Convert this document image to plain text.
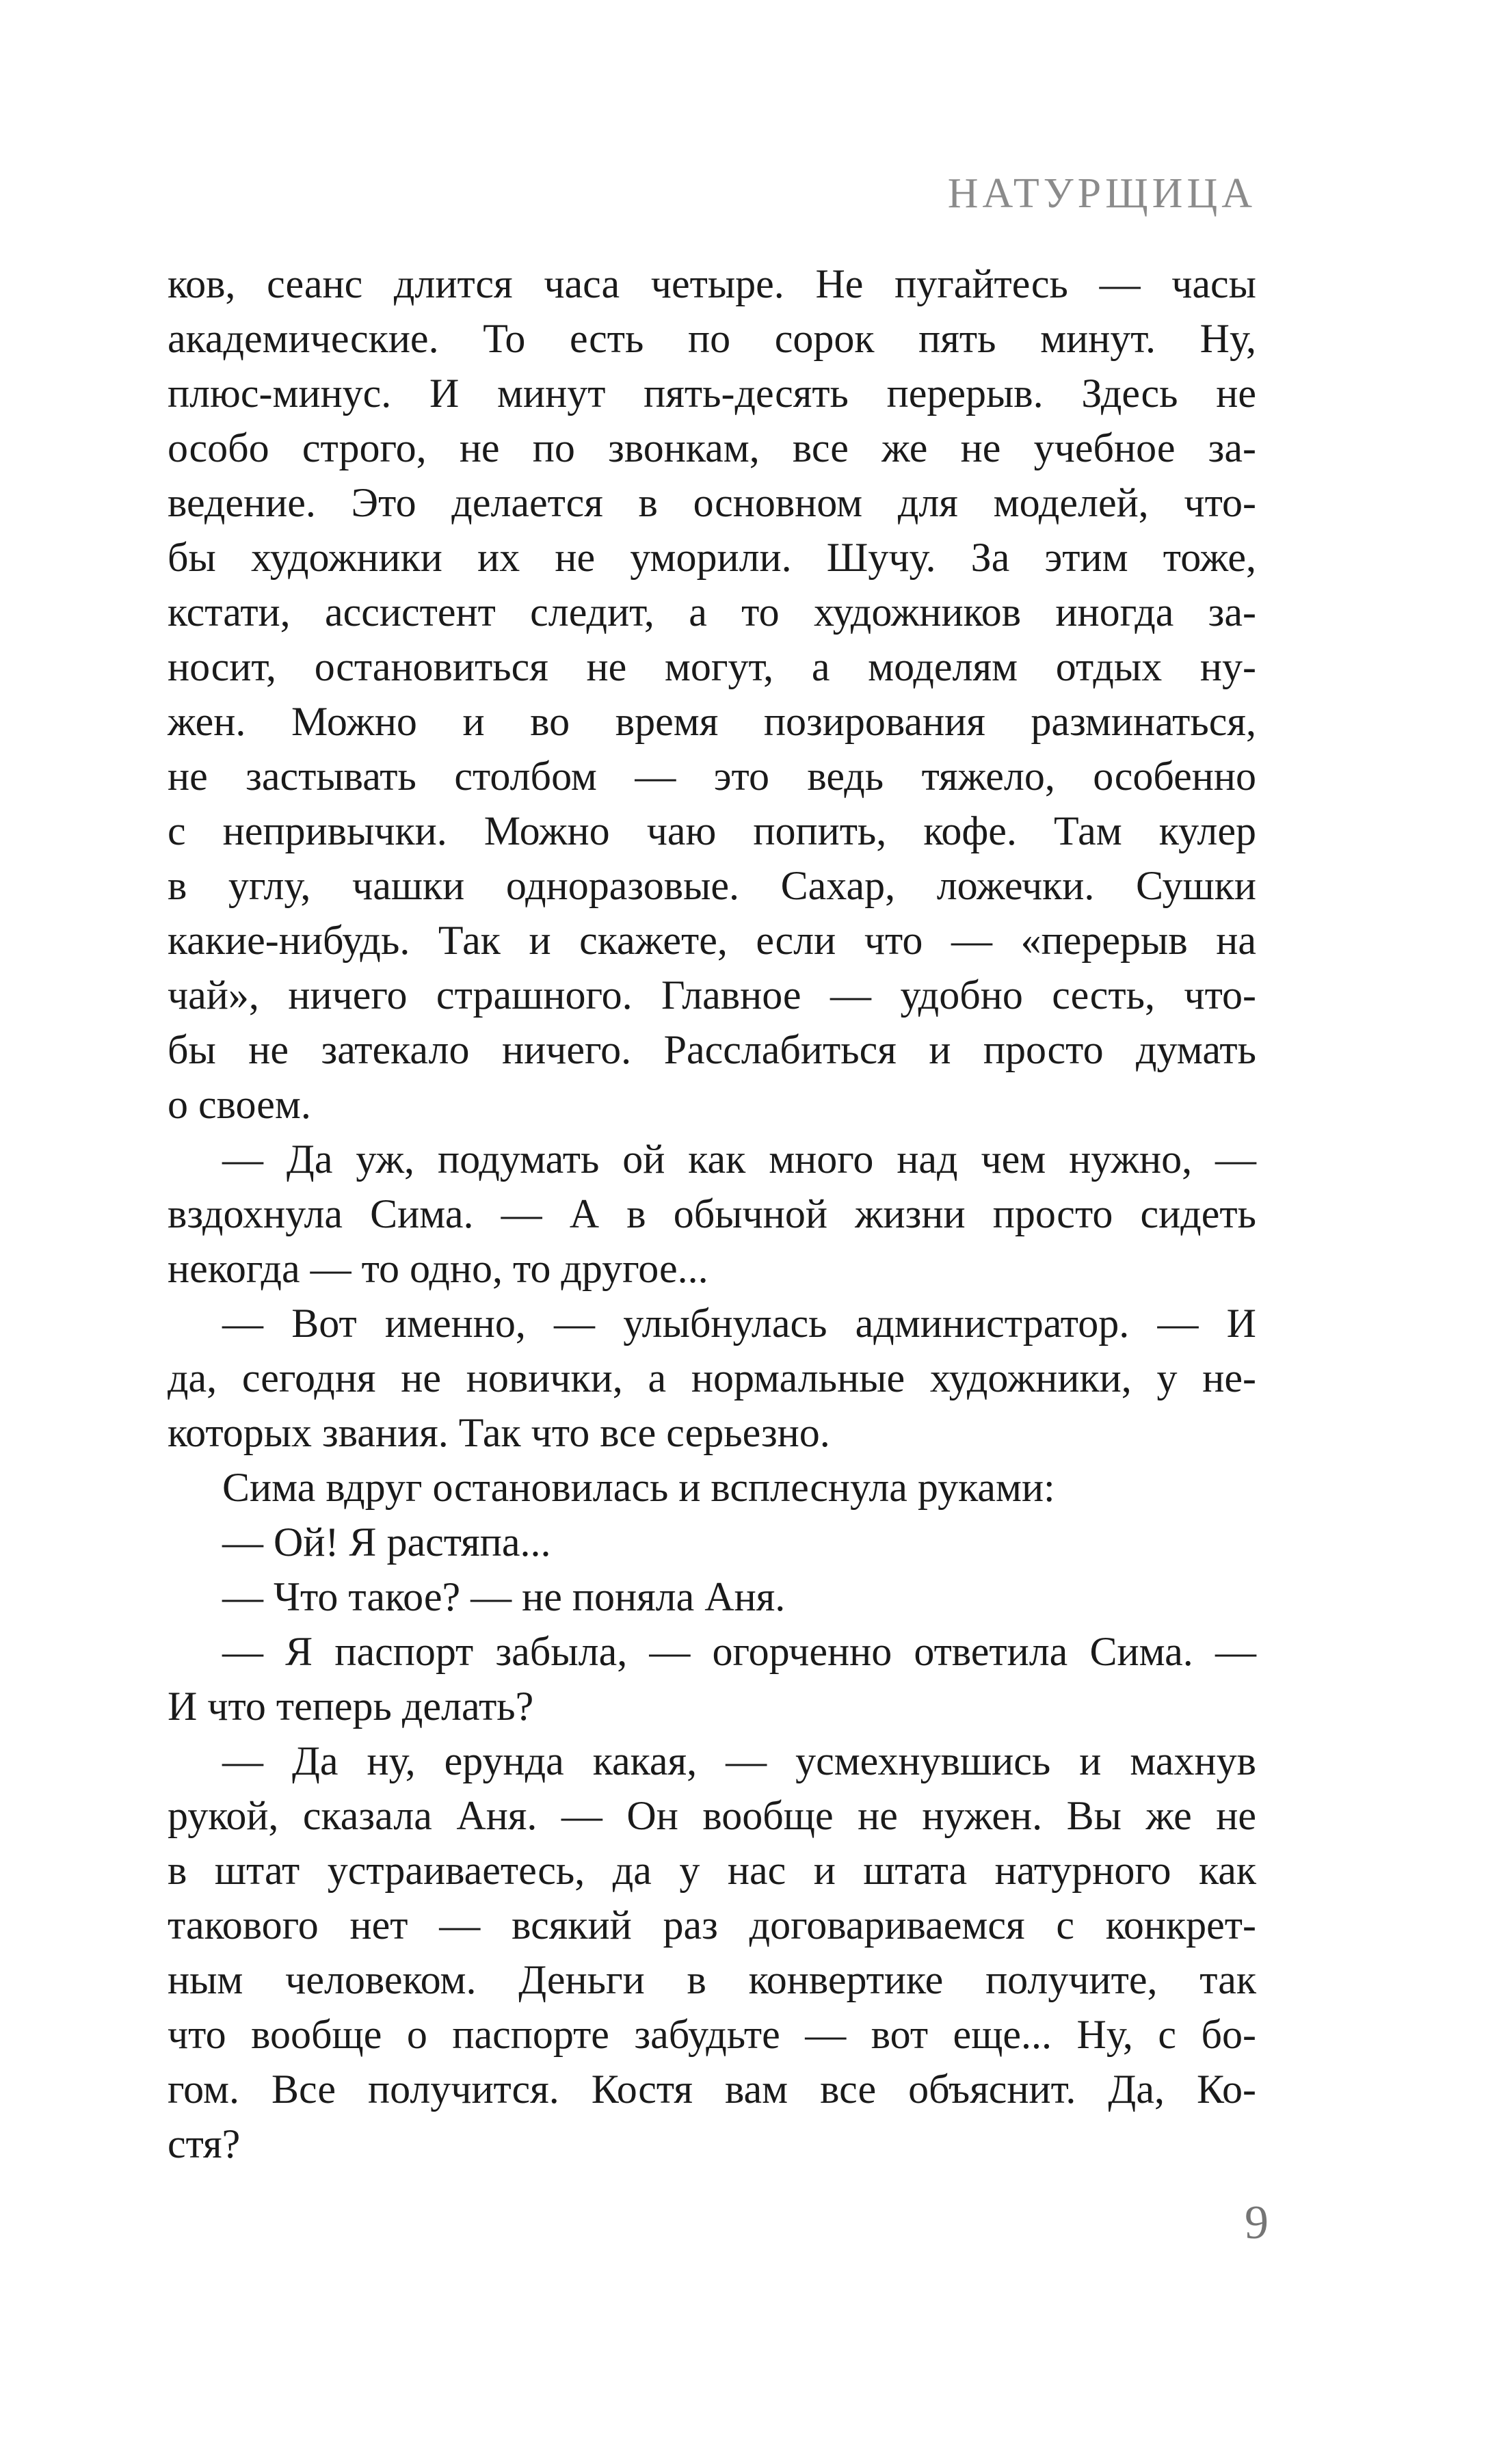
НАТУРЩИЦА
ков, сеанс длится часа четыре. Не пугайтесь — часы
академические. То есть по сорок пять минут. Ну,
плюс-минус. И минут пять-десять перерыв. Здесь не
особо строго, не по звонкам, все же не учебное за-
ведение. Это делается в основном для моделей, что-
бы художники их не уморили. Шучу. За этим тоже,
кстати, ассистент следит, а то художников иногда за-
носит, остановиться не могут, а моделям отдых ну-
жен. Можно и во время позирования разминаться,
не застывать столбом — это ведь тяжело, особенно
с непривычки. Можно чаю попить, кофе. Там кулер
в углу, чашки одноразовые. Сахар, ложечки. Сушки
какие-нибудь. Так и скажете, если что — «перерыв на
чай», ничего страшного. Главное — удобно сесть, что-
бы не затекало ничего. Расслабиться и просто думать
о своем.
— Да уж, подумать ой как много над чем нужно, —
вздохнула Сима. — А в обычной жизни просто сидеть
некогда — то одно, то другое...
— Вот именно, — улыбнулась администратор. — И
да, сегодня не новички, а нормальные художники, у не-
которых звания. Так что все серьезно.
Сима вдруг остановилась и всплеснула руками:
— Ой! Я растяпа...
— Что такое? — не поняла Аня.
— Я паспорт забыла, — огорченно ответила Сима. —
И что теперь делать?
— Да ну, ерунда какая, — усмехнувшись и махнув
рукой, сказала Аня. — Он вообще не нужен. Вы же не
в штат устраиваетесь, да у нас и штата натурного как
такового нет — всякий раз договариваемся с конкрет-
ным человеком. Деньги в конвертике получите, так
что вообще о паспорте забудьте — вот еще... Ну, с бо-
гом. Все получится. Костя вам все объяснит. Да, Ко-
стя?
9
